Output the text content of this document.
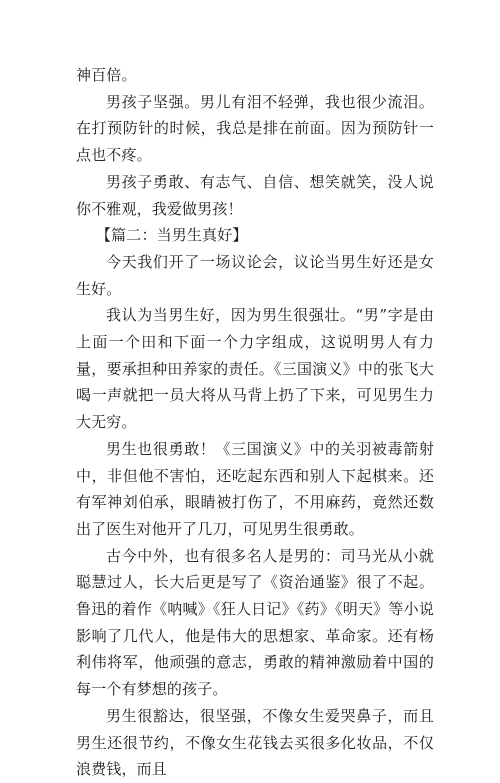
神百倍。

男孩子坚强。男儿有泪不轻弹，我也很少流泪。在打预防针的时候，我总是排在前面。因为预防针一点也不疼。

男孩子勇敢、有志气、自信、想笑就笑，没人说你不雅观，我爱做男孩！

【篇二：当男生真好】

今天我们开了一场议论会，议论当男生好还是女生好。

我认为当男生好，因为男生很强壮。“男”字是由上面一个田和下面一个力字组成，这说明男人有力量，要承担种田养家的责任。《三国演义》中的张飞大喝一声就把一员大将从马背上扔了下来，可见男生力大无穷。

男生也很勇敢！《三国演义》中的关羽被毒箭射中，非但他不害怕，还吃起东西和别人下起棋来。还有军神刘伯承，眼睛被打伤了，不用麻药，竟然还数出了医生对他开了几刀，可见男生很勇敢。

古今中外，也有很多名人是男的：司马光从小就聪慧过人，长大后更是写了《资治通鉴》很了不起。鲁迅的着作《呐喊》《狂人日记》《药》《明天》等小说影响了几代人，他是伟大的思想家、革命家。还有杨利伟将军，他顽强的意志，勇敢的精神激励着中国的每一个有梦想的孩子。

男生很豁达，很坚强，不像女生爱哭鼻子，而且男生还很节约，不像女生花钱去买很多化妆品，不仅浪费钱，而且
